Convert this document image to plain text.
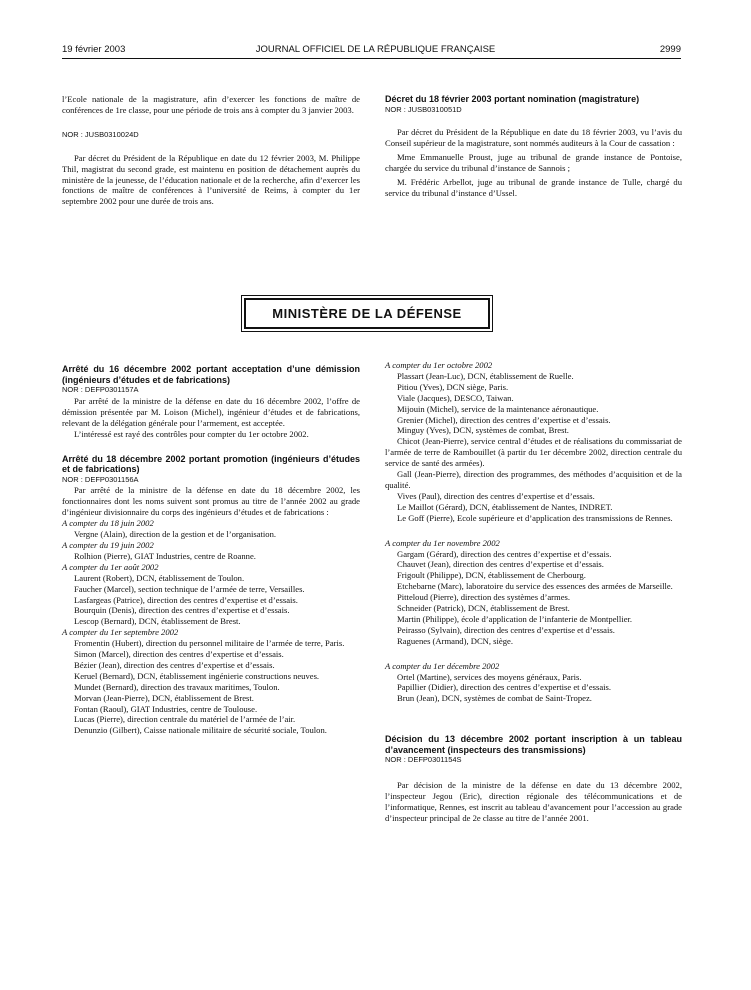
19 février 2003	JOURNAL OFFICIEL DE LA RÉPUBLIQUE FRANÇAISE	2999

l’Ecole nationale de la magistrature, afin d’exercer les fonctions de maître de conférences de 1re classe, pour une période de trois ans à compter du 3 janvier 2003.

NOR : JUSB0310024D

Par décret du Président de la République en date du 12 février 2003, M. Philippe Thil, magistrat du second grade, est maintenu en position de détachement auprès du ministère de la jeunesse, de l’éducation nationale et de la recherche, afin d’exercer les fonctions de maître de conférences à l’université de Reims, à compter du 1er septembre 2002 pour une durée de trois ans.

Décret du 18 février 2003 portant nomination (magistrature)

NOR : JUSB0310051D

Par décret du Président de la République en date du 18 février 2003, vu l’avis du Conseil supérieur de la magistrature, sont nommés auditeurs à la Cour de cassation :

Mme Emmanuelle Proust, juge au tribunal de grande instance de Pontoise, chargée du service du tribunal d’instance de Sannois ;

M. Frédéric Arbellot, juge au tribunal de grande instance de Tulle, chargé du service du tribunal d’instance d’Ussel.

MINISTÈRE DE LA DÉFENSE

Arrêté du 16 décembre 2002 portant acceptation d’une démission (ingénieurs d’études et de fabrications)

NOR : DEFP0301157A

Par arrêté de la ministre de la défense en date du 16 décembre 2002, l’offre de démission présentée par M. Loison (Michel), ingénieur d’études et de fabrications, relevant de la délégation générale pour l’armement, est acceptée.

L’intéressé est rayé des contrôles pour compter du 1er octobre 2002.

Arrêté du 18 décembre 2002 portant promotion (ingénieurs d’études et de fabrications)

NOR : DEFP0301156A

Par arrêté de la ministre de la défense en date du 18 décembre 2002, les fonctionnaires dont les noms suivent sont promus au titre de l’année 2002 au grade d’ingénieur divisionnaire du corps des ingénieurs d’études et de fabrications :

A compter du 18 juin 2002

Vergne (Alain), direction de la gestion et de l’organisation.

A compter du 19 juin 2002

Rolhion (Pierre), GIAT Industries, centre de Roanne.

A compter du 1er août 2002

Laurent (Robert), DCN, établissement de Toulon.

Faucher (Marcel), section technique de l’armée de terre, Versailles.

Lasfargeas (Patrice), direction des centres d’expertise et d’essais.

Bourquin (Denis), direction des centres d’expertise et d’essais.

Lescop (Bernard), DCN, établissement de Brest.

A compter du 1er septembre 2002

Fromentin (Hubert), direction du personnel militaire de l’armée de terre, Paris.

Simon (Marcel), direction des centres d’expertise et d’essais.

Bézier (Jean), direction des centres d’expertise et d’essais.

Keruel (Bernard), DCN, établissement ingénierie constructions neuves.

Mundet (Bernard), direction des travaux maritimes, Toulon.

Morvan (Jean-Pierre), DCN, établissement de Brest.

Fontan (Raoul), GIAT Industries, centre de Toulouse.

Lucas (Pierre), direction centrale du matériel de l’armée de l’air.

Denunzio (Gilbert), Caisse nationale militaire de sécurité sociale, Toulon.

A compter du 1er octobre 2002

Plassart (Jean-Luc), DCN, établissement de Ruelle.

Pitiou (Yves), DCN siège, Paris.

Viale (Jacques), DESCO, Taiwan.

Mijouin (Michel), service de la maintenance aéronautique.

Grenier (Michel), direction des centres d’expertise et d’essais.

Minguy (Yves), DCN, systèmes de combat, Brest.

Chicot (Jean-Pierre), service central d’études et de réalisations du commissariat de l’armée de terre de Rambouillet (à partir du 1er décembre 2002, direction centrale du service de santé des armées).

Gall (Jean-Pierre), direction des programmes, des méthodes d’acquisition et de la qualité.

Vives (Paul), direction des centres d’expertise et d’essais.

Le Maillot (Gérard), DCN, établissement de Nantes, INDRET.

Le Goff (Pierre), Ecole supérieure et d’application des transmissions de Rennes.

A compter du 1er novembre 2002

Gargam (Gérard), direction des centres d’expertise et d’essais.

Chauvet (Jean), direction des centres d’expertise et d’essais.

Frigoult (Philippe), DCN, établissement de Cherbourg.

Etchebarne (Marc), laboratoire du service des essences des armées de Marseille.

Pitteloud (Pierre), direction des systèmes d’armes.

Schneider (Patrick), DCN, établissement de Brest.

Martin (Philippe), école d’application de l’infanterie de Montpellier.

Peirasso (Sylvain), direction des centres d’expertise et d’essais.

Raguenes (Armand), DCN, siège.

A compter du 1er décembre 2002

Ortel (Martine), services des moyens généraux, Paris.

Papillier (Didier), direction des centres d’expertise et d’essais.

Brun (Jean), DCN, systèmes de combat de Saint-Tropez.

Décision du 13 décembre 2002 portant inscription à un tableau d’avancement (inspecteurs des transmissions)

NOR : DEFP0301154S

Par décision de la ministre de la défense en date du 13 décembre 2002, l’inspecteur Jegou (Eric), direction régionale des télécommunications et de l’informatique, Rennes, est inscrit au tableau d’avancement pour l’accession au grade d’inspecteur principal de 2e classe au titre de l’année 2001.
